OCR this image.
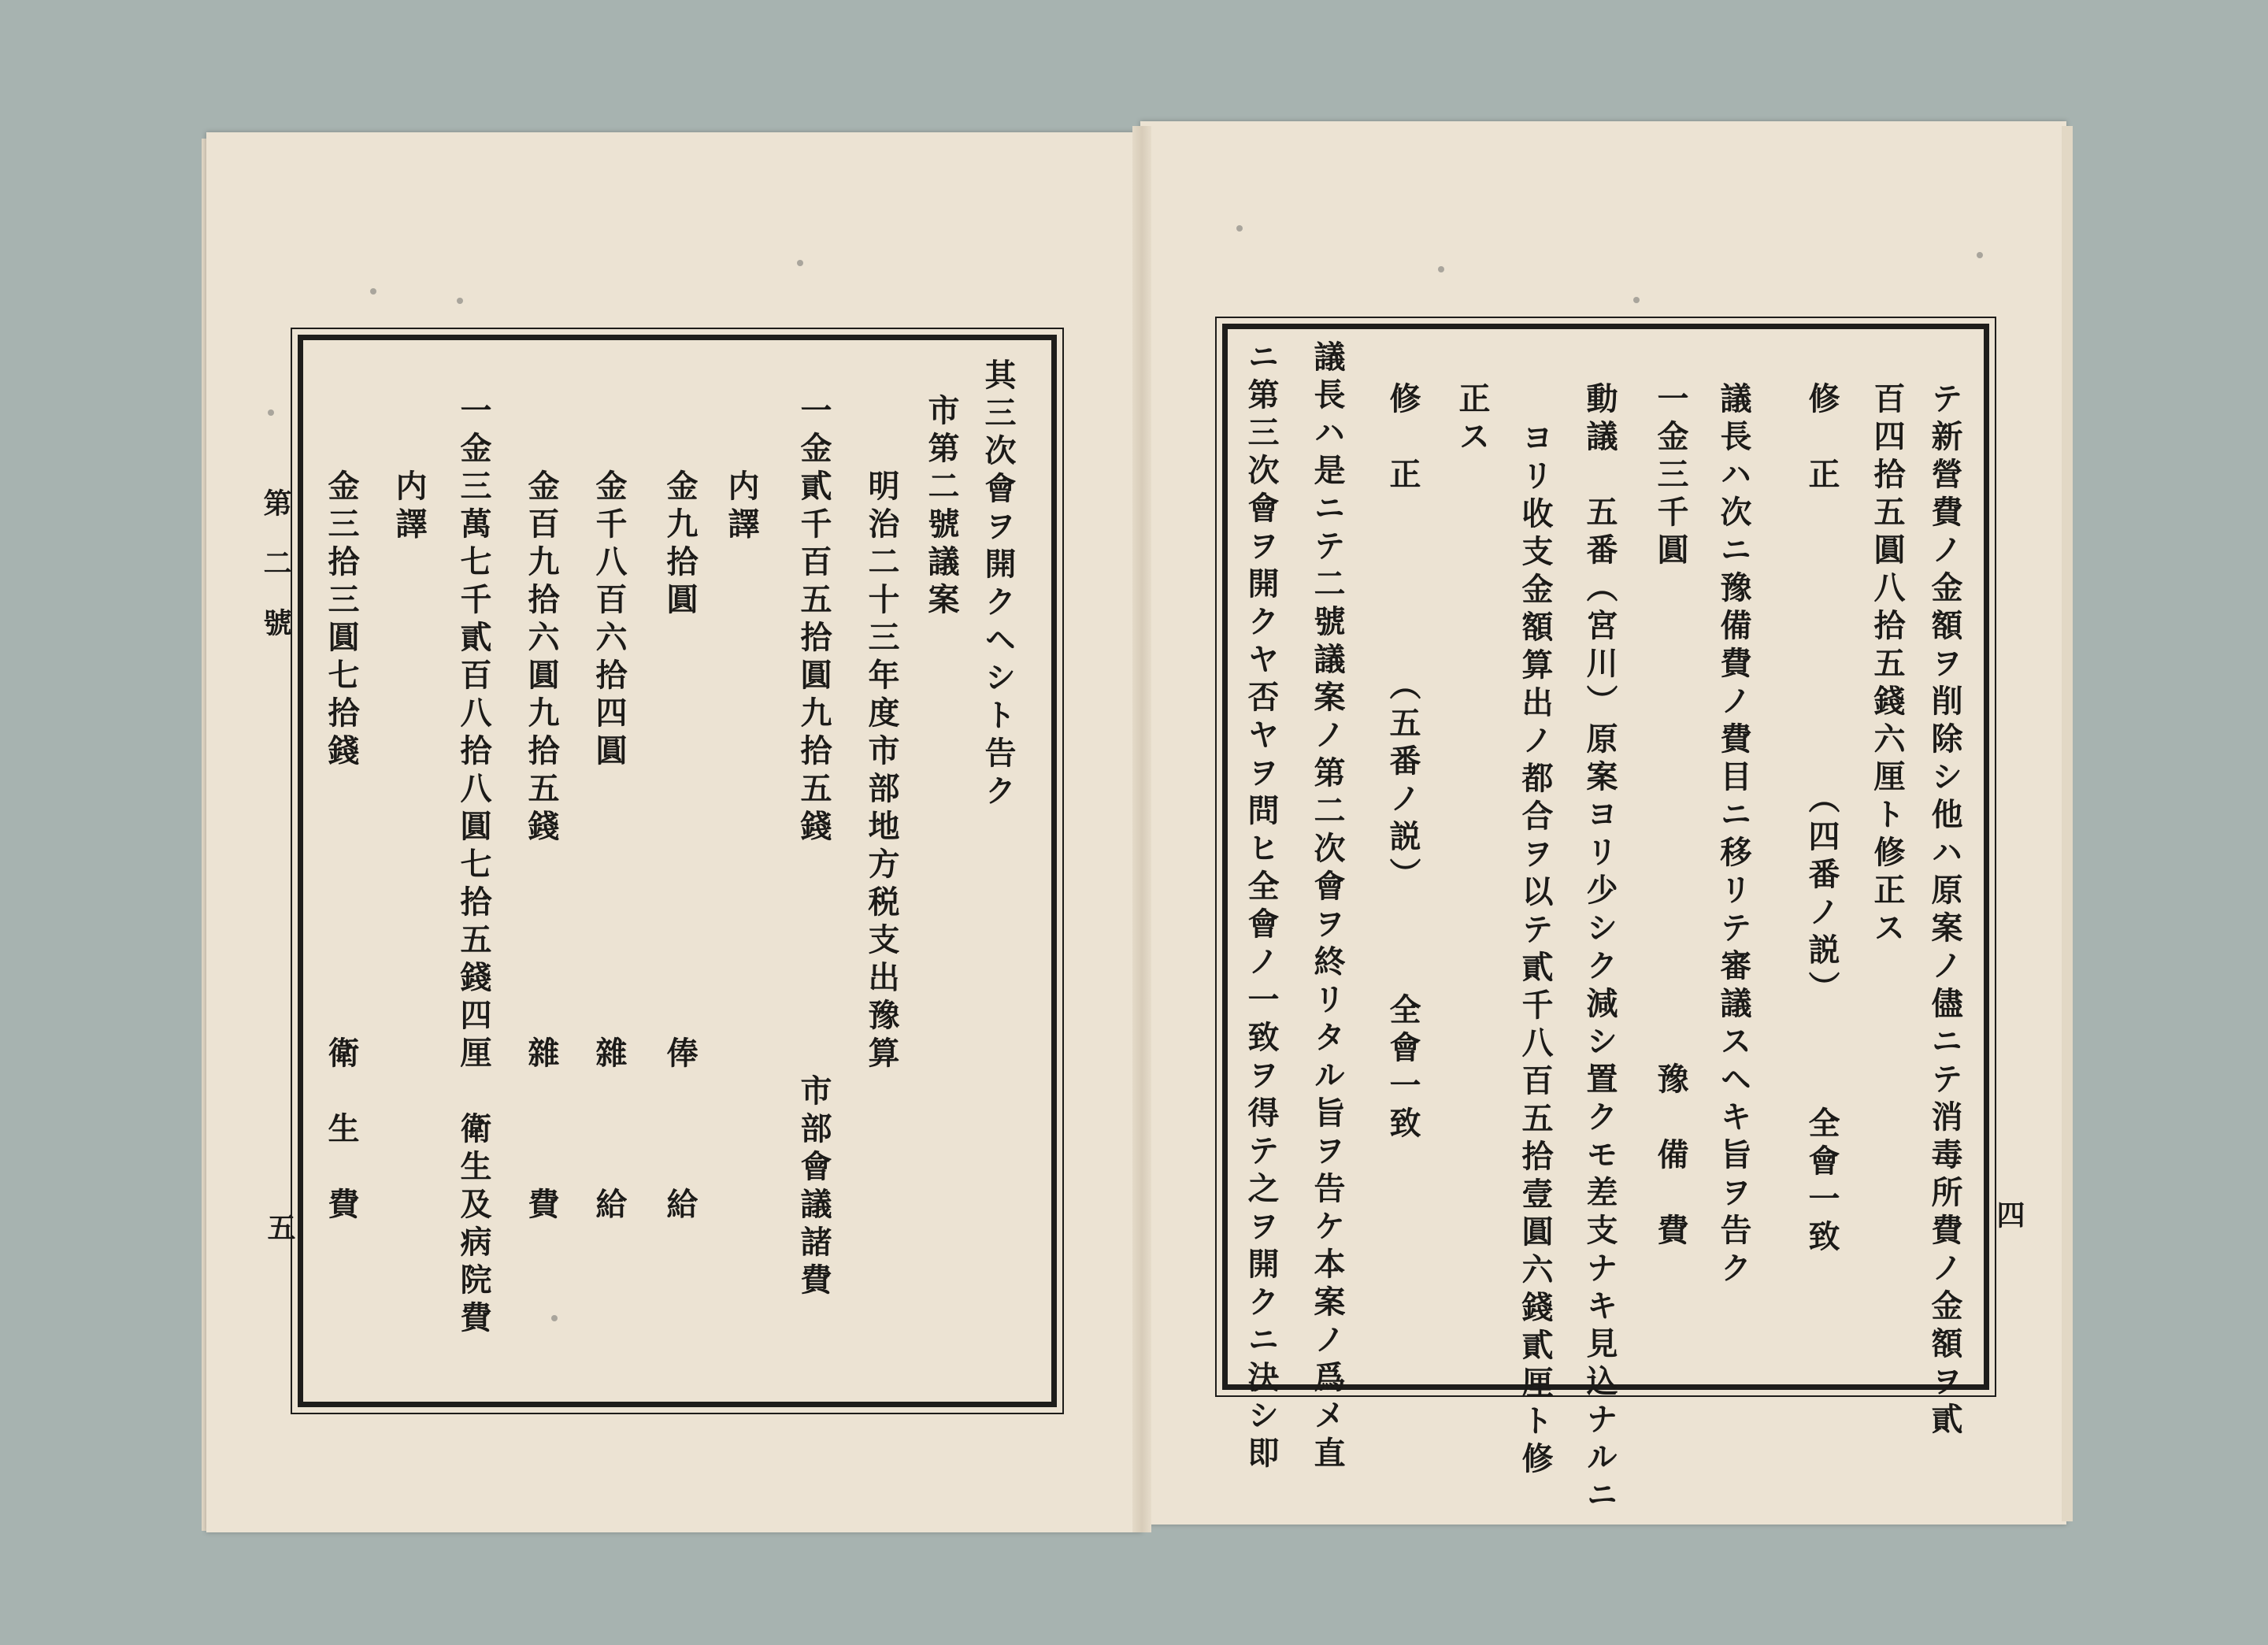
テ新營費ノ金額ヲ削除シ他ハ原案ノ儘ニテ消毒所費ノ金額ヲ貳
百四拾五圓八拾五錢六厘ト修正ス
修　正　　　　　　　　（四番ノ説）　　　全會一致
議長ハ次ニ豫備費ノ費目ニ移リテ審議スヘキ旨ヲ告ク
一金三千圓　　　　　　　　　　　　　豫　備　費
動議　五番（宮川）原案ヨリ少シク減シ置クモ差支ナキ見込ナルニ
ヨリ收支金額算出ノ都合ヲ以テ貳千八百五拾壹圓六錢貳厘ト修
正ス
修　正　　　　　（五番ノ説）　　　全會一致
議長ハ是ニテ二號議案ノ第二次會ヲ終リタル旨ヲ告ケ本案ノ爲メ直
ニ第三次會ヲ開クヤ否ヤヲ問ヒ全會ノ一致ヲ得テ之ヲ開クニ決シ即	四
其三次會ヲ開クヘシト告ク
市第二號議案
　　明治二十三年度市部地方税支出豫算
一金貳千百五拾圓九拾五錢　　　　　　市部會議諸費
　　内譯
　　金九拾圓　　　　　　　　　　　俸　　　給
　　金千八百六拾四圓　　　　　　　雜　　　給
　　金百九拾六圓九拾五錢　　　　　雜　　　費
一金三萬七千貳百八拾八圓七拾五錢四厘　衛生及病院費
　　内譯
　　金三拾三圓七拾錢　　　　　　　衛　生　費
第二號
五
